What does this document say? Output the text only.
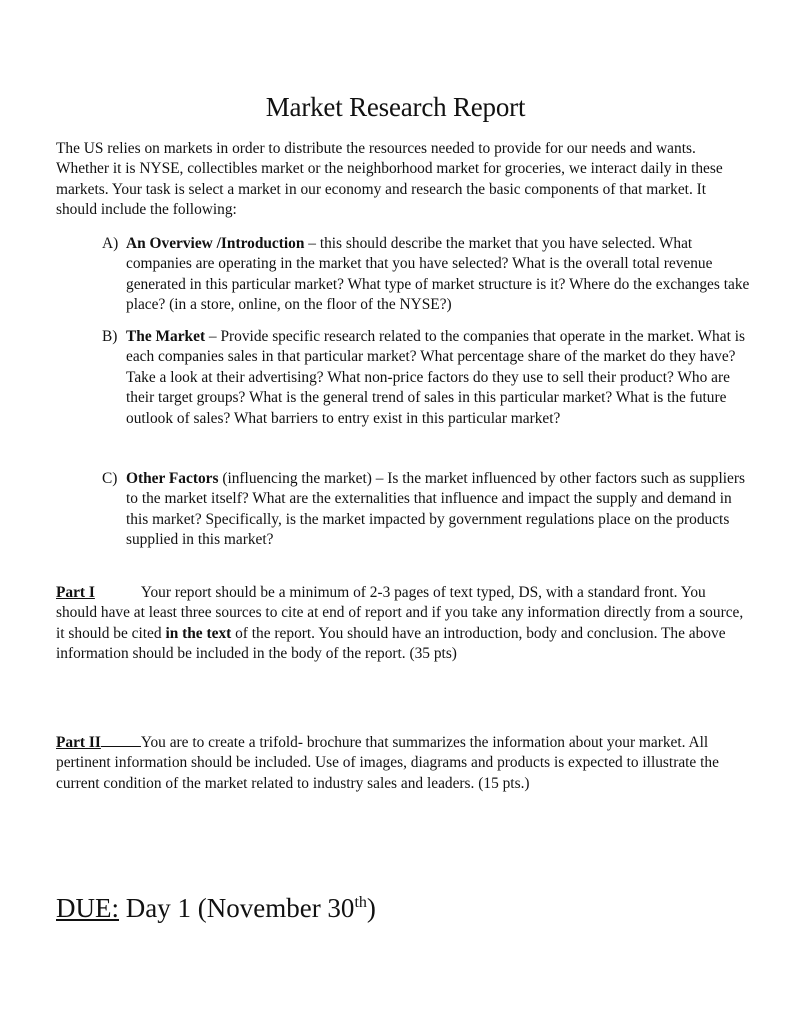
Market Research Report
The US relies on markets in order to distribute the resources needed to provide for our needs and wants. Whether it is NYSE, collectibles market or the neighborhood market for groceries, we interact daily in these markets. Your task is select a market in our economy and research the basic components of that market. It should include the following:
A) An Overview /Introduction – this should describe the market that you have selected. What companies are operating in the market that you have selected? What is the overall total revenue generated in this particular market? What type of market structure is it? Where do the exchanges take place? (in a store, online, on the floor of the NYSE?)
B) The Market – Provide specific research related to the companies that operate in the market. What is each companies sales in that particular market? What percentage share of the market do they have? Take a look at their advertising? What non-price factors do they use to sell their product? Who are their target groups? What is the general trend of sales in this particular market? What is the future outlook of sales? What barriers to entry exist in this particular market?
C) Other Factors (influencing the market) – Is the market influenced by other factors such as suppliers to the market itself? What are the externalities that influence and impact the supply and demand in this market? Specifically, is the market impacted by government regulations place on the products supplied in this market?
Part I	Your report should be a minimum of 2-3 pages of text typed, DS, with a standard front. You should have at least three sources to cite at end of report and if you take any information directly from a source, it should be cited in the text of the report. You should have an introduction, body and conclusion. The above information should be included in the body of the report. (35 pts)
Part II	You are to create a trifold- brochure that summarizes the information about your market. All pertinent information should be included. Use of images, diagrams and products is expected to illustrate the current condition of the market related to industry sales and leaders. (15 pts.)
DUE: Day 1 (November 30th)
